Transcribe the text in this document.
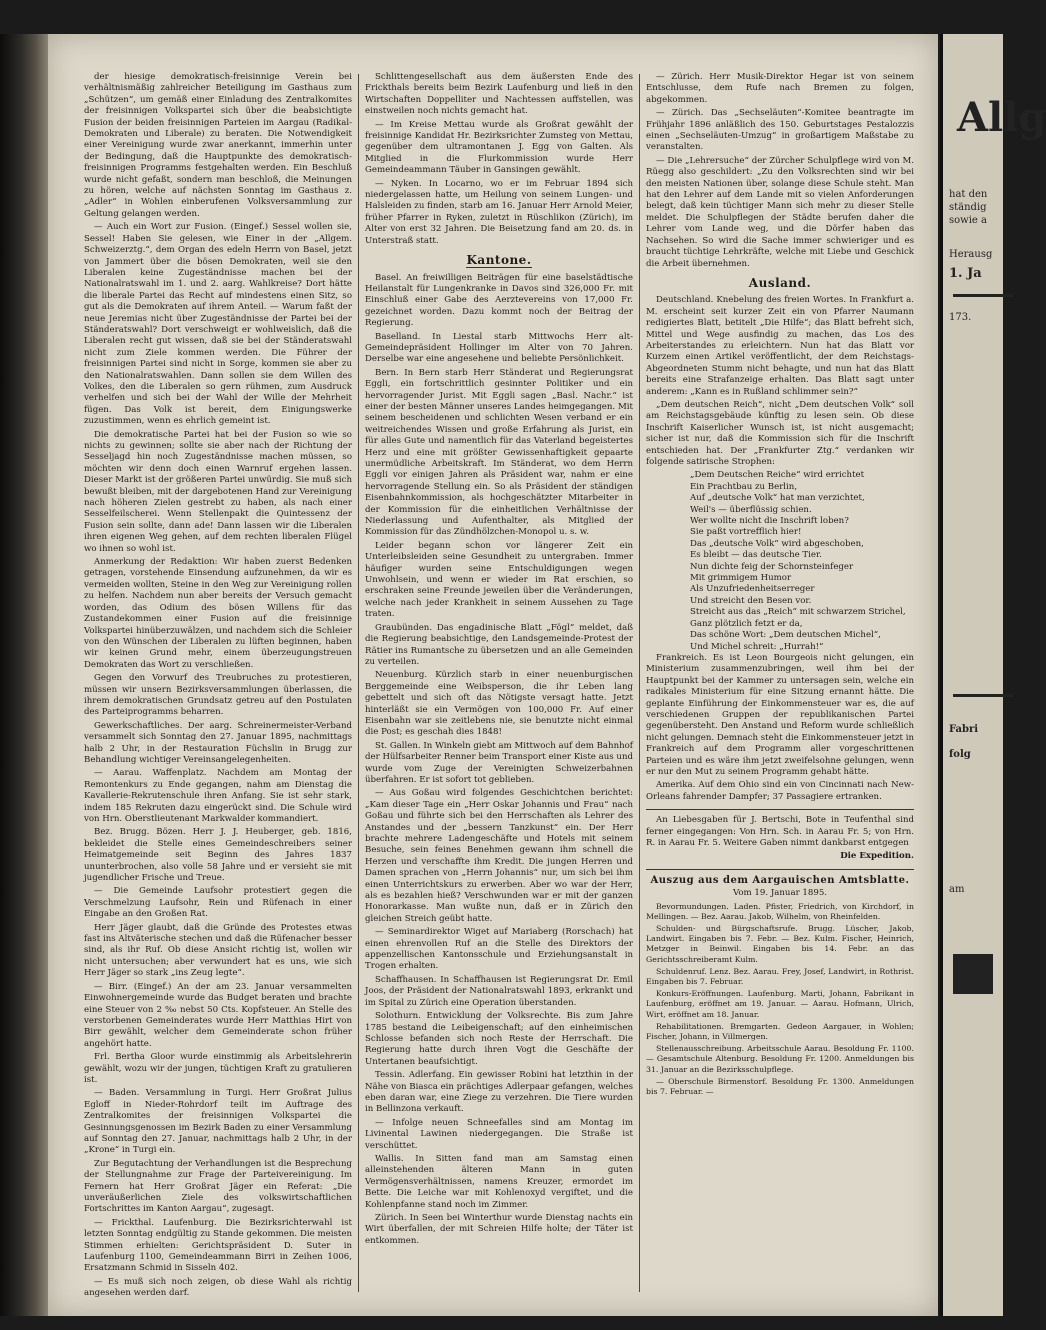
der hiesige demokratisch-freisinnige Verein bei verhältnismäßig zahlreicher Beteiligung im Gasthaus zum „Schützen“, um gemäß einer Einladung des Zentralkomites der freisinnigen Volkspartei sich über die beabsichtigte Fusion der beiden freisinnigen Parteien im Aargau (Radikal-Demokraten und Liberale) zu beraten. Die Notwendigkeit einer Vereinigung wurde zwar anerkannt, immerhin unter der Bedingung, daß die Hauptpunkte des demokratisch-freisinnigen Programms festgehalten werden. Ein Beschluß wurde nicht gefaßt, sondern man beschloß, die Meinungen zu hören, welche auf nächsten Sonntag im Gasthaus z. „Adler“ in Wohlen einberufenen Volksversammlung zur Geltung gelangen werden.

— Auch ein Wort zur Fusion. (Eingef.) Sessel wollen sie, Sessel! Haben Sie gelesen, wie Einer in der „Allgem. Schweizerztg.“, dem Organ des edeln Herrn von Basel, jetzt von Jammert über die bösen Demokraten, weil sie den Liberalen keine Zugeständnisse machen bei der Nationalratswahl im 1. und 2. aarg. Wahlkreise? Dort hätte die liberale Partei das Recht auf mindestens einen Sitz, so gut als die Demokraten auf ihrem Anteil. — Warum faßt der neue Jeremias nicht über Zugeständnisse der Partei bei der Ständeratswahl? Dort verschweigt er wohlweislich, daß die Liberalen recht gut wissen, daß sie bei der Ständeratswahl nicht zum Ziele kommen werden. Die Führer der freisinnigen Partei sind nicht in Sorge, kommen sie aber zu den Nationalratswahlen. Dann sollen sie dem Willen des Volkes, den die Liberalen so gern rühmen, zum Ausdruck verhelfen und sich bei der Wahl der Wille der Mehrheit fügen. Das Volk ist bereit, dem Einigungswerke zuzustimmen, wenn es ehrlich gemeint ist.

Die demokratische Partei hat bei der Fusion so wie so nichts zu gewinnen; sollte sie aber nach der Richtung der Sesseljagd hin noch Zugeständnisse machen müssen, so möchten wir denn doch einen Warnruf ergehen lassen. Dieser Markt ist der größeren Partei unwürdig. Sie muß sich bewußt bleiben, mit der dargebotenen Hand zur Vereinigung nach höheren Zielen gestrebt zu haben, als nach einer Sesselfeilscherei. Wenn Stellenpakt die Quintessenz der Fusion sein sollte, dann ade! Dann lassen wir die Liberalen ihren eigenen Weg gehen, auf dem rechten liberalen Flügel wo ihnen so wohl ist.

Anmerkung der Redaktion: Wir haben zuerst Bedenken getragen, vorstehende Einsendung aufzunehmen, da wir es vermeiden wollten, Steine in den Weg zur Vereinigung rollen zu helfen. Nachdem nun aber bereits der Versuch gemacht worden, das Odium des bösen Willens für das Zustandekommen einer Fusion auf die freisinnige Volkspartei hinüberzuwälzen, und nachdem sich die Schleier von den Wünschen der Liberalen zu lüften beginnen, haben wir keinen Grund mehr, einem überzeugungstreuen Demokraten das Wort zu verschließen.

Gegen den Vorwurf des Treubruches zu protestieren, müssen wir unsern Bezirksversammlungen überlassen, die ihrem demokratischen Grundsatz getreu auf den Postulaten des Parteiprogramms beharren.

Gewerkschaftliches. Der aarg. Schreinermeister-Verband versammelt sich Sonntag den 27. Januar 1895, nachmittags halb 2 Uhr, in der Restauration Füchslin in Brugg zur Behandlung wichtiger Vereinsangelegenheiten.

— Aarau. Waffenplatz. Nachdem am Montag der Remontenkurs zu Ende gegangen, nahm am Dienstag die Kavallerie-Rekrutenschule ihren Anfang. Sie ist sehr stark, indem 185 Rekruten dazu eingerückt sind. Die Schule wird von Hrn. Oberstlieutenant Markwalder kommandiert.

Bez. Brugg. Bözen. Herr J. J. Heuberger, geb. 1816, bekleidet die Stelle eines Gemeindeschreibers seiner Heimatgemeinde seit Beginn des Jahres 1837 ununterbrochen, also volle 58 Jahre und er versieht sie mit jugendlicher Frische und Treue.

— Die Gemeinde Laufsohr protestiert gegen die Verschmelzung Laufsohr, Rein und Rüfenach in einer Eingabe an den Großen Rat.

Herr Jäger glaubt, daß die Gründe des Protestes etwas fast ins Altväterische stechen und daß die Rüfenacher besser sind, als ihr Ruf. Ob diese Ansicht richtig ist, wollen wir nicht untersuchen; aber verwundert hat es uns, wie sich Herr Jäger so stark „ins Zeug legte“.

— Birr. (Eingef.) An der am 23. Januar versammelten Einwohnergemeinde wurde das Budget beraten und brachte eine Steuer von 2 ‰ nebst 50 Cts. Kopfsteuer. An Stelle des verstorbenen Gemeinderates wurde Herr Matthias Hirt von Birr gewählt, welcher dem Gemeinderate schon früher angehört hatte.

Frl. Bertha Gloor wurde einstimmig als Arbeitslehrerin gewählt, wozu wir der jungen, tüchtigen Kraft zu gratulieren ist.

— Baden. Versammlung in Turgi. Herr Großrat Julius Egloff in Nieder-Rohrdorf teilt im Auftrage des Zentralkomites der freisinnigen Volkspartei die Gesinnungsgenossen im Bezirk Baden zu einer Versammlung auf Sonntag den 27. Januar, nachmittags halb 2 Uhr, in der „Krone“ in Turgi ein.

Zur Begutachtung der Verhandlungen ist die Besprechung der Stellungnahme zur Frage der Parteivereinigung. Im Fernern hat Herr Großrat Jäger ein Referat: „Die unveräußerlichen Ziele des volkswirtschaftlichen Fortschrittes im Kanton Aargau“, zugesagt.

— Frickthal. Laufenburg. Die Bezirksrichterwahl ist letzten Sonntag endgültig zu Stande gekommen. Die meisten Stimmen erhielten: Gerichtspräsident D. Suter in Laufenburg 1100, Gemeindeammann Birri in Zeihen 1006, Ersatzmann Schmid in Sisseln 402.

— Es muß sich noch zeigen, ob diese Wahl als richtig angesehen werden darf.

Schlittengesellschaft aus dem äußersten Ende des Frickthals bereits beim Bezirk Laufenburg und ließ in den Wirtschaften Doppelliter und Nachtessen auffstellen, was einstweilen noch nichts gemacht hat.

— Im Kreise Mettau wurde als Großrat gewählt der freisinnige Kandidat Hr. Bezirksrichter Zumsteg von Mettau, gegenüber dem ultramontanen J. Egg von Galten. Als Mitglied in die Flurkommission wurde Herr Gemeindeammann Täuber in Gansingen gewählt.

— Nyken. In Locarno, wo er im Februar 1894 sich niedergelassen hatte, um Heilung von seinem Lungen- und Halsleiden zu finden, starb am 16. Januar Herr Arnold Meier, früher Pfarrer in Ryken, zuletzt in Rüschlikon (Zürich), im Alter von erst 32 Jahren. Die Beisetzung fand am 20. ds. in Unterstraß statt.

Kantone.

Basel. An freiwilligen Beiträgen für eine baselstädtische Heilanstalt für Lungenkranke in Davos sind 326,000 Fr. mit Einschluß einer Gabe des Aerztevereins von 17,000 Fr. gezeichnet worden. Dazu kommt noch der Beitrag der Regierung.

Baselland. In Liestal starb Mittwochs Herr alt-Gemeindepräsident Hollinger im Alter von 70 Jahren. Derselbe war eine angesehene und beliebte Persönlichkeit.

Bern. In Bern starb Herr Ständerat und Regierungsrat Eggli, ein fortschrittlich gesinnter Politiker und ein hervorragender Jurist. Mit Eggli sagen „Basl. Nachr.“ ist einer der besten Männer unseres Landes heimgegangen. Mit seinem bescheidenen und schlichten Wesen verband er ein weitreichendes Wissen und große Erfahrung als Jurist, ein für alles Gute und namentlich für das Vaterland begeistertes Herz und eine mit größter Gewissenhaftigkeit gepaarte unermüdliche Arbeitskraft. Im Ständerat, wo dem Herrn Eggli vor einigen Jahren als Präsident war, nahm er eine hervorragende Stellung ein. So als Präsident der ständigen Eisenbahnkommission, als hochgeschätzter Mitarbeiter in der Kommission für die einheitlichen Verhältnisse der Niederlassung und Aufenthalter, als Mitglied der Kommission für das Zündhölzchen-Monopol u. s. w.

Leider begann schon vor längerer Zeit ein Unterleibsleiden seine Gesundheit zu untergraben. Immer häufiger wurden seine Entschuldigungen wegen Unwohlsein, und wenn er wieder im Rat erschien, so erschraken seine Freunde jeweilen über die Veränderungen, welche nach jeder Krankheit in seinem Aussehen zu Tage traten.

Graubünden. Das engadinische Blatt „Fögl“ meldet, daß die Regierung beabsichtige, den Landsgemeinde-Protest der Rätier ins Rumantsche zu übersetzen und an alle Gemeinden zu verteilen.

Neuenburg. Kürzlich starb in einer neuenburgischen Berggemeinde eine Weibsperson, die ihr Leben lang gebettelt und sich oft das Nötigste versagt hatte. Jetzt hinterläßt sie ein Vermögen von 100,000 Fr. Auf einer Eisenbahn war sie zeitlebens nie, sie benutzte nicht einmal die Post; es geschah dies 1848!

St. Gallen. In Winkeln giebt am Mittwoch auf dem Bahnhof der Hülfsarbeiter Renner beim Transport einer Kiste aus und wurde vom Zuge der Vereinigten Schweizerbahnen überfahren. Er ist sofort tot geblieben.

— Aus Goßau wird folgendes Geschichtchen berichtet: „Kam dieser Tage ein „Herr Oskar Johannis und Frau“ nach Goßau und führte sich bei den Herrschaften als Lehrer des Anstandes und der „bessern Tanzkunst“ ein. Der Herr brachte mehrere Ladengeschäfte und Hotels mit seinem Besuche, sein feines Benehmen gewann ihm schnell die Herzen und verschaffte ihm Kredit. Die jungen Herren und Damen sprachen von „Herrn Johannis“ nur, um sich bei ihm einen Unterrichtskurs zu erwerben. Aber wo war der Herr, als es bezahlen hieß? Verschwunden war er mit der ganzen Honorarkasse. Man wußte nun, daß er in Zürich den gleichen Streich geübt hatte.

— Seminardirektor Wiget auf Mariaberg (Rorschach) hat einen ehrenvollen Ruf an die Stelle des Direktors der appenzellischen Kantonsschule und Erziehungsanstalt in Trogen erhalten.

Schaffhausen. In Schaffhausen ist Regierungsrat Dr. Emil Joos, der Präsident der Nationalratswahl 1893, erkrankt und im Spital zu Zürich eine Operation überstanden.

Solothurn. Entwicklung der Volksrechte. Bis zum Jahre 1785 bestand die Leibeigenschaft; auf den einheimischen Schlosse befanden sich noch Reste der Herrschaft. Die Regierung hatte durch ihren Vogt die Geschäfte der Untertanen beaufsichtigt.

Tessin. Adlerfang. Ein gewisser Robini hat letzthin in der Nähe von Biasca ein prächtiges Adlerpaar gefangen, welches eben daran war, eine Ziege zu verzehren. Die Tiere wurden in Bellinzona verkauft.

— Infolge neuen Schneefalles sind am Montag im Livinental Lawinen niedergegangen. Die Straße ist verschüttet.

Wallis. In Sitten fand man am Samstag einen alleinstehenden älteren Mann in guten Vermögensverhältnissen, namens Kreuzer, ermordet im Bette. Die Leiche war mit Kohlenoxyd vergiftet, und die Kohlenpfanne stand noch im Zimmer.

Zürich. In Seen bei Winterthur wurde Dienstag nachts ein Wirt überfallen, der mit Schreien Hilfe holte; der Täter ist entkommen.

— Zürich. Herr Musik-Direktor Hegar ist von seinem Entschlusse, dem Rufe nach Bremen zu folgen, abgekommen.

— Zürich. Das „Sechseläuten“-Komitee beantragte im Frühjahr 1896 anläßlich des 150. Geburtstages Pestalozzis einen „Sechseläuten-Umzug“ in großartigem Maßstabe zu veranstalten.

— Die „Lehrersuche“ der Zürcher Schulpflege wird von M. Rüegg also geschildert: „Zu den Volksrechten sind wir bei den meisten Nationen über, solange diese Schule steht. Man hat den Lehrer auf dem Lande mit so vielen Anforderungen belegt, daß kein tüchtiger Mann sich mehr zu dieser Stelle meldet. Die Schulpflegen der Städte berufen daher die Lehrer vom Lande weg, und die Dörfer haben das Nachsehen. So wird die Sache immer schwieriger und es braucht tüchtige Lehrkräfte, welche mit Liebe und Geschick die Arbeit übernehmen.

Ausland.

Deutschland. Knebelung des freien Wortes. In Frankfurt a. M. erscheint seit kurzer Zeit ein von Pfarrer Naumann redigiertes Blatt, betitelt „Die Hilfe“; das Blatt befreht sich, Mittel und Wege ausfindig zu machen, das Los des Arbeiterstandes zu erleichtern. Nun hat das Blatt vor Kurzem einen Artikel veröffentlicht, der dem Reichstags-Abgeordneten Stumm nicht behagte, und nun hat das Blatt bereits eine Strafanzeige erhalten. Das Blatt sagt unter anderem: „Kann es in Rußland schlimmer sein?“

„Dem deutschen Reich“, nicht „Dem deutschen Volk“ soll am Reichstagsgebäude künftig zu lesen sein. Ob diese Inschrift Kaiserlicher Wunsch ist, ist nicht ausgemacht; sicher ist nur, daß die Kommission sich für die Inschrift entschieden hat. Der „Frankfurter Ztg.“ verdanken wir folgende satirische Strophen:

„Dem Deutschen Reiche“ wird errichtet

Ein Prachtbau zu Berlin,

Auf „deutsche Volk“ hat man verzichtet,

Weil's — überflüssig schien.

Wer wollte nicht die Inschrift loben?

Sie paßt vortrefflich hier!

Das „deutsche Volk“ wird abgeschoben,

Es bleibt — das deutsche Tier.

Nun dichte feig der Schornsteinfeger

Mit grimmigem Humor

Als Unzufriedenheitserreger

Und streicht den Besen vor.

Streicht aus das „Reich“ mit schwarzem Strichel,

Ganz plötzlich fetzt er da,

Das schöne Wort: „Dem deutschen Michel“,

Und Michel schreit: „Hurrah!“

Frankreich. Es ist Leon Bourgeois nicht gelungen, ein Ministerium zusammenzubringen, weil ihm bei der Hauptpunkt bei der Kammer zu untersagen sein, welche ein radikales Ministerium für eine Sitzung ernannt hätte. Die geplante Einführung der Einkommensteuer war es, die auf verschiedenen Gruppen der republikanischen Partei gegenübersteht. Den Anstand und Reform wurde schließlich nicht gelungen. Demnach steht die Einkommensteuer jetzt in Frankreich auf dem Programm aller vorgeschrittenen Parteien und es wäre ihm jetzt zweifelsohne gelungen, wenn er nur den Mut zu seinem Programm gehabt hätte.

Amerika. Auf dem Ohio sind ein von Cincinnati nach New-Orleans fahrender Dampfer; 37 Passagiere ertranken.

An Liebesgaben für J. Bertschi, Bote in Teufenthal sind ferner eingegangen: Von Hrn. Sch. in Aarau Fr. 5; von Hrn. R. in Aarau Fr. 5. Weitere Gaben nimmt dankbarst entgegen

Die Expedition.

Auszug aus dem Aargauischen Amtsblatte.

Vom 19. Januar 1895.

Bevormundungen. Laden. Pfister, Friedrich, von Kirchdorf, in Mellingen. — Bez. Aarau. Jakob, Wilhelm, von Rheinfelden.

Schulden- und Bürgschaftsrufe. Brugg. Lüscher, Jakob, Landwirt. Eingaben bis 7. Febr. — Bez. Kulm. Fischer, Heinrich, Metzger in Beinwil. Eingaben bis 14. Febr. an das Gerichtsschreiberamt Kulm.

Schuldenruf. Lenz. Bez. Aarau. Frey, Josef, Landwirt, in Rothrist. Eingaben bis 7. Februar.

Konkurs-Eröffnungen. Laufenburg. Marti, Johann, Fabrikant in Laufenburg, eröffnet am 19. Januar. — Aarau. Hofmann, Ulrich, Wirt, eröffnet am 18. Januar.

Rehabilitationen. Bremgarten. Gedeon Aargauer, in Wohlen; Fischer, Johann, in Villmergen.

Stellenausschreibung. Arbeitsschule Aarau. Besoldung Fr. 1100. — Gesamtschule Altenburg. Besoldung Fr. 1200. Anmeldungen bis 31. Januar an die Bezirksschulpflege.

— Oberschule Birmenstorf. Besoldung Fr. 1300. Anmeldungen bis 7. Februar. —

Allg
hat den
ständig
sowie a
Herausg
1. Ja
173.
Fabri
folg
am
